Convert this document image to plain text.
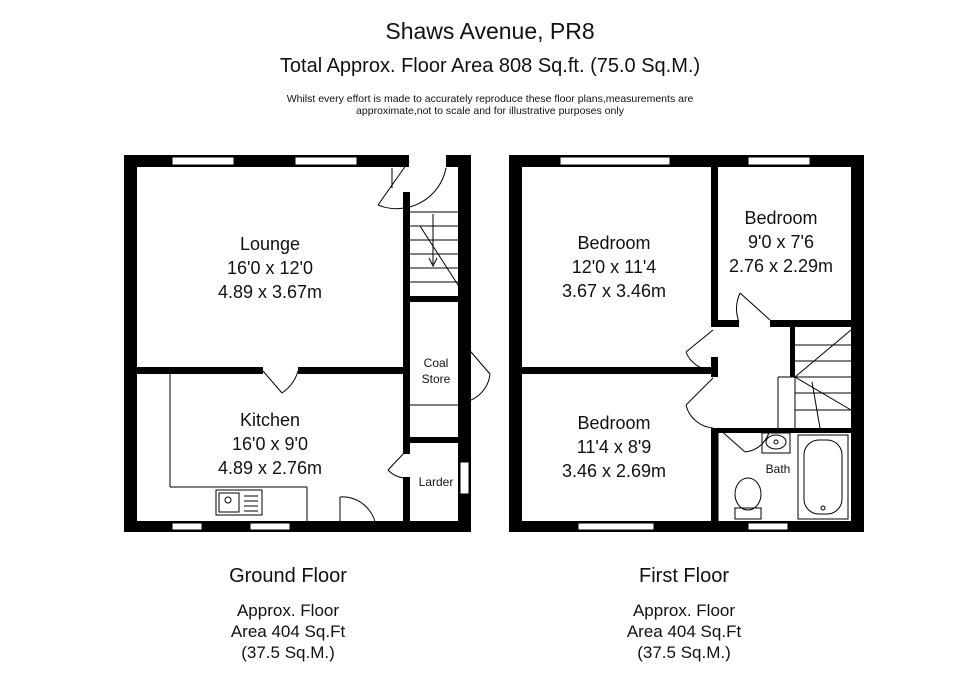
Shaws Avenue, PR8
Total Approx. Floor Area 808 Sq.ft. (75.0 Sq.M.)
Whilst every effort is made to accurately reproduce these floor plans,measurements are
approximate,not to scale and for illustrative purposes only
Lounge
16'0 x 12'0
4.89 x 3.67m
Kitchen
16'0 x 9'0
4.89 x 2.76m
Coal
Store
Larder
Bedroom
12'0 x 11'4
3.67 x 3.46m
Bedroom
9'0 x 7'6
2.76 x 2.29m
Bedroom
11'4 x 8'9
3.46 x 2.69m	Bath
Ground Floor
Approx. Floor
Area 404 Sq.Ft
(37.5 Sq.M.)
First Floor
Approx. Floor
Area 404 Sq.Ft
(37.5 Sq.M.)
